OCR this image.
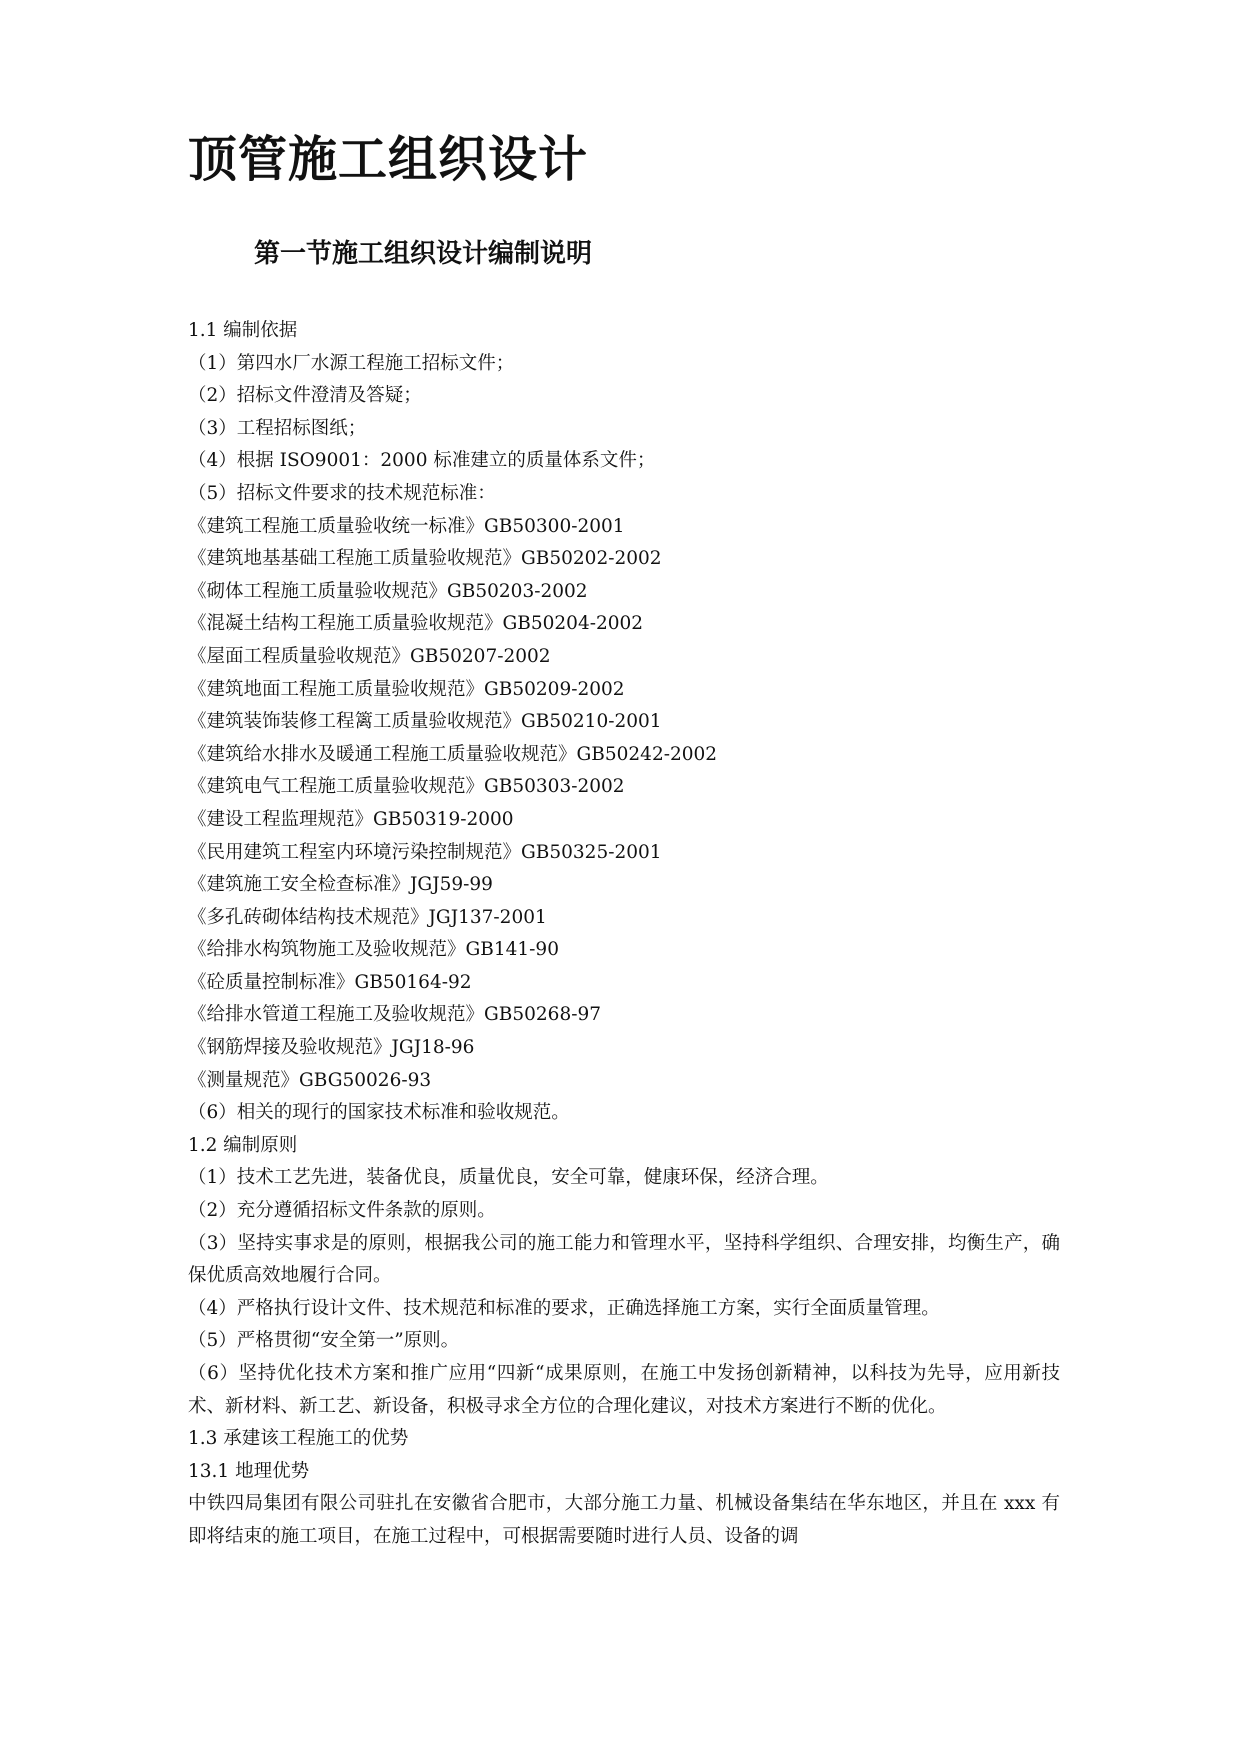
顶管施工组织设计
第一节施工组织设计编制说明

1.1 编制依据

（1）第四水厂水源工程施工招标文件；

（2）招标文件澄清及答疑；

（3）工程招标图纸；

（4）根据 ISO9001：2000 标准建立的质量体系文件；

（5）招标文件要求的技术规范标准：

《建筑工程施工质量验收统一标准》GB50300-2001

《建筑地基基础工程施工质量验收规范》GB50202-2002

《砌体工程施工质量验收规范》GB50203-2002

《混凝土结构工程施工质量验收规范》GB50204-2002

《屋面工程质量验收规范》GB50207-2002

《建筑地面工程施工质量验收规范》GB50209-2002

《建筑装饰装修工程篱工质量验收规范》GB50210-2001

《建筑给水排水及暖通工程施工质量验收规范》GB50242-2002

《建筑电气工程施工质量验收规范》GB50303-2002

《建设工程监理规范》GB50319-2000

《民用建筑工程室内环境污染控制规范》GB50325-2001

《建筑施工安全检查标准》JGJ59-99

《多孔砖砌体结构技术规范》JGJ137-2001

《给排水构筑物施工及验收规范》GB141-90

《砼质量控制标准》GB50164-92

《给排水管道工程施工及验收规范》GB50268-97

《钢筋焊接及验收规范》JGJ18-96

《测量规范》GBG50026-93

（6）相关的现行的国家技术标准和验收规范。

1.2 编制原则

（1）技术工艺先进，装备优良，质量优良，安全可靠，健康环保，经济合理。

（2）充分遵循招标文件条款的原则。

（3）坚持实事求是的原则，根据我公司的施工能力和管理水平，坚持科学组织、合理安排，均衡生产，确保优质高效地履行合同。

（4）严格执行设计文件、技术规范和标准的要求，正确选择施工方案，实行全面质量管理。

（5）严格贯彻“安全第一”原则。

（6）坚持优化技术方案和推广应用“四新“成果原则，在施工中发扬创新精神，以科技为先导，应用新技术、新材料、新工艺、新设备，积极寻求全方位的合理化建议，对技术方案进行不断的优化。

1.3 承建该工程施工的优势

13.1 地理优势

中铁四局集团有限公司驻扎在安徽省合肥市，大部分施工力量、机械设备集结在华东地区，并且在 xxx 有即将结束的施工项目，在施工过程中，可根据需要随时进行人员、设备的调
